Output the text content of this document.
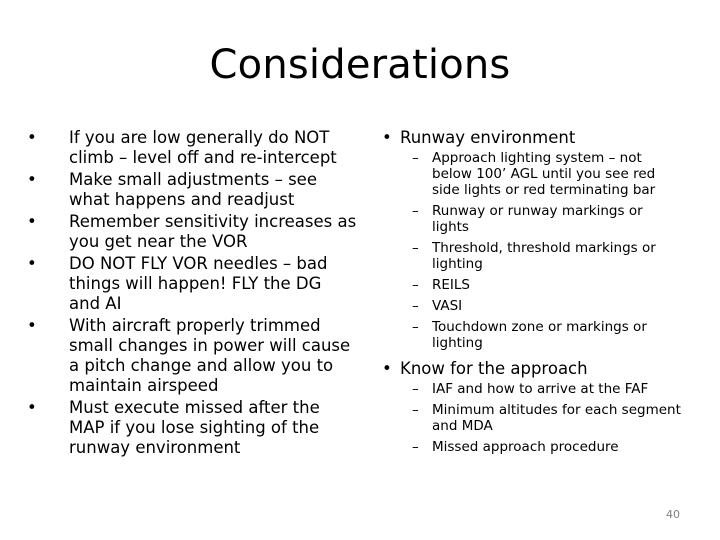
Considerations
• If you are low generally do NOT climb – level off and re-intercept
• Make small adjustments – see what happens and readjust
• Remember sensitivity increases as you get near the VOR
• DO NOT FLY VOR needles – bad things will happen! FLY the DG and AI
• With aircraft properly trimmed small changes in power will cause a pitch change and allow you to maintain airspeed
• Must execute missed after the MAP if you lose sighting of the runway environment
• Runway environment
– Approach lighting system – not below 100’ AGL until you see red side lights or red terminating bar
– Runway or runway markings or lights
– Threshold, threshold markings or lighting
– REILS
– VASI
– Touchdown zone or markings or lighting
• Know for the approach
– IAF and how to arrive at the FAF
– Minimum altitudes for each segment and MDA
– Missed approach procedure
40
